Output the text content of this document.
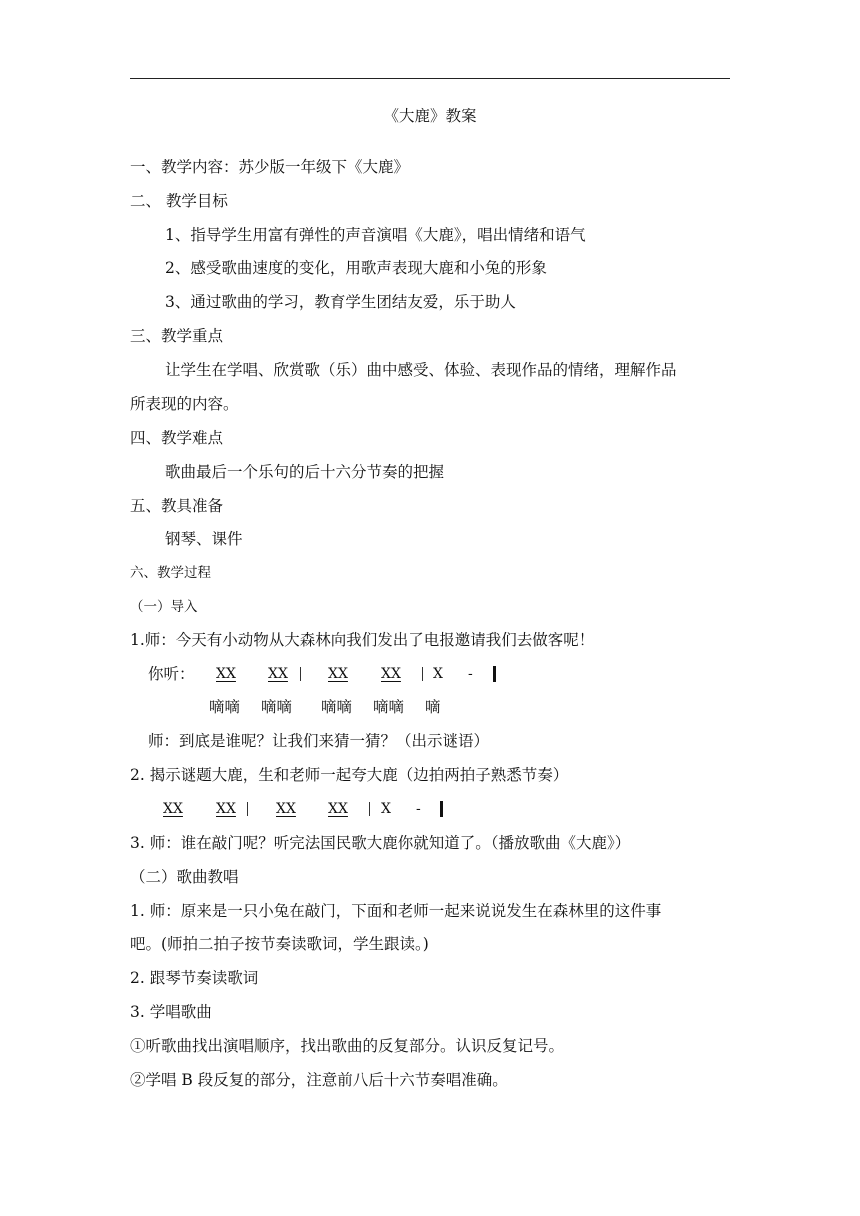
《大鹿》教案
一、教学内容：苏少版一年级下《大鹿》
二、 教学目标
1、指导学生用富有弹性的声音演唱《大鹿》，唱出情绪和语气
2、感受歌曲速度的变化，用歌声表现大鹿和小兔的形象
3、通过歌曲的学习，教育学生团结友爱，乐于助人
三、教学重点
让学生在学唱、欣赏歌（乐）曲中感受、体验、表现作品的情绪，理解作品
所表现的内容。
四、教学难点
歌曲最后一个乐句的后十六分节奏的把握
五、教具准备
钢琴、课件
六、教学过程
（一）导入
1.师：今天有小动物从大森林向我们发出了电报邀请我们去做客呢！
你听： XX XX	XX XX X -
嘀嘀 嘀嘀 嘀嘀 嘀嘀 嘀
师：到底是谁呢？让我们来猜一猜？（出示谜语）
2. 揭示谜题大鹿，生和老师一起夸大鹿（边拍两拍子熟悉节奏）
XX XX	XX XX X -
3. 师：谁在敲门呢？听完法国民歌大鹿你就知道了。（播放歌曲《大鹿》）
（二）歌曲教唱
1. 师：原来是一只小兔在敲门，下面和老师一起来说说发生在森林里的这件事
吧。(师拍二拍子按节奏读歌词，学生跟读。)
2. 跟琴节奏读歌词
3. 学唱歌曲
①听歌曲找出演唱顺序，找出歌曲的反复部分。认识反复记号。
②学唱 B 段反复的部分，注意前八后十六节奏唱准确。
